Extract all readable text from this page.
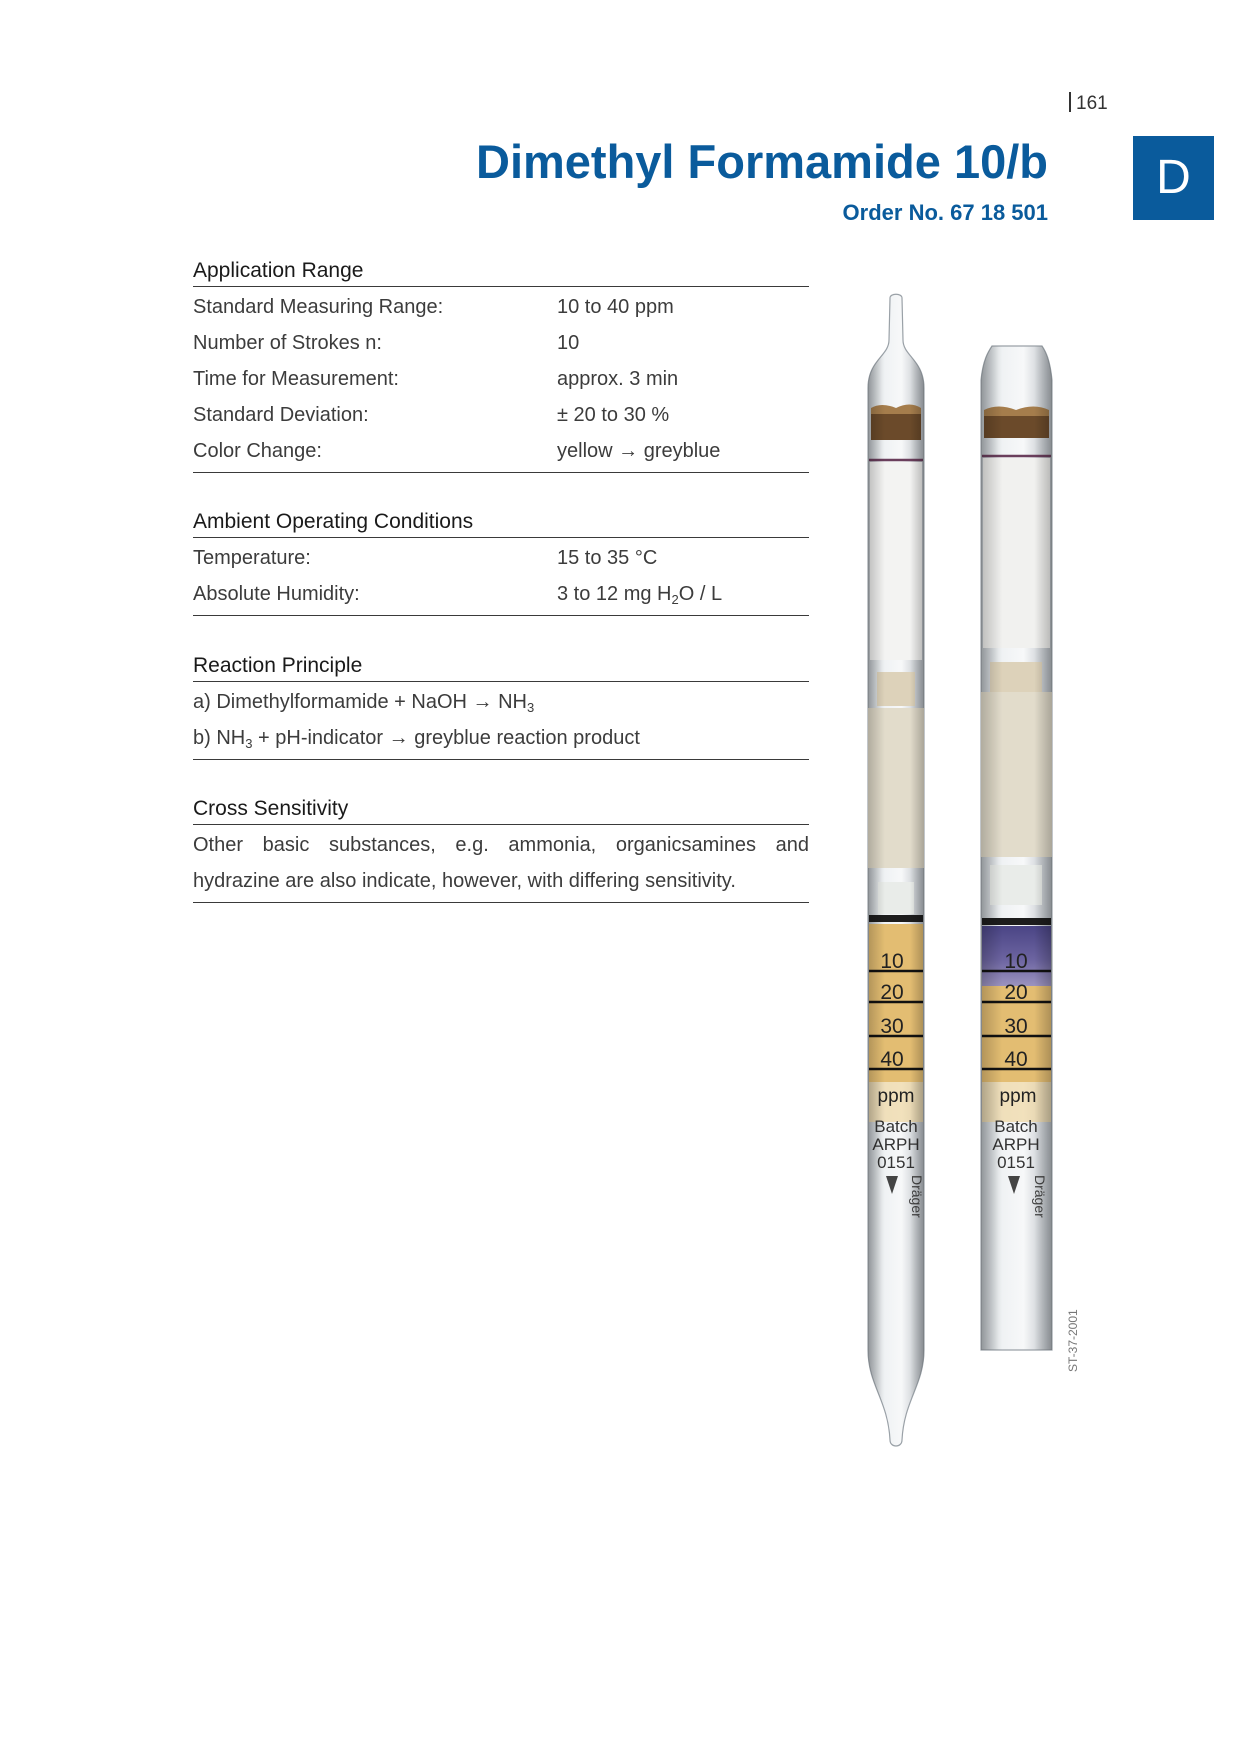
161
Dimethyl Formamide 10/b
Order No. 67 18 501
D
Application Range
Standard Measuring Range:	10 to 40 ppm
Number of Strokes n:	10
Time for Measurement:	approx. 3 min
Standard Deviation:	± 20 to 30 %
Color Change:	yellow → greyblue
Ambient Operating Conditions
Temperature:	15 to 35 °C
Absolute Humidity:	3 to 12 mg $H_2O$ / L
Reaction Principle
a) Dimethylformamide + NaOH → $NH_3$
b) $NH_3$ + pH-indicator → greyblue reaction product
Cross Sensitivity
Other basic substances, e.g. ammonia, organicsamines and hydrazine are also indicate, however, with differing sensitivity.
ST-37-2001
